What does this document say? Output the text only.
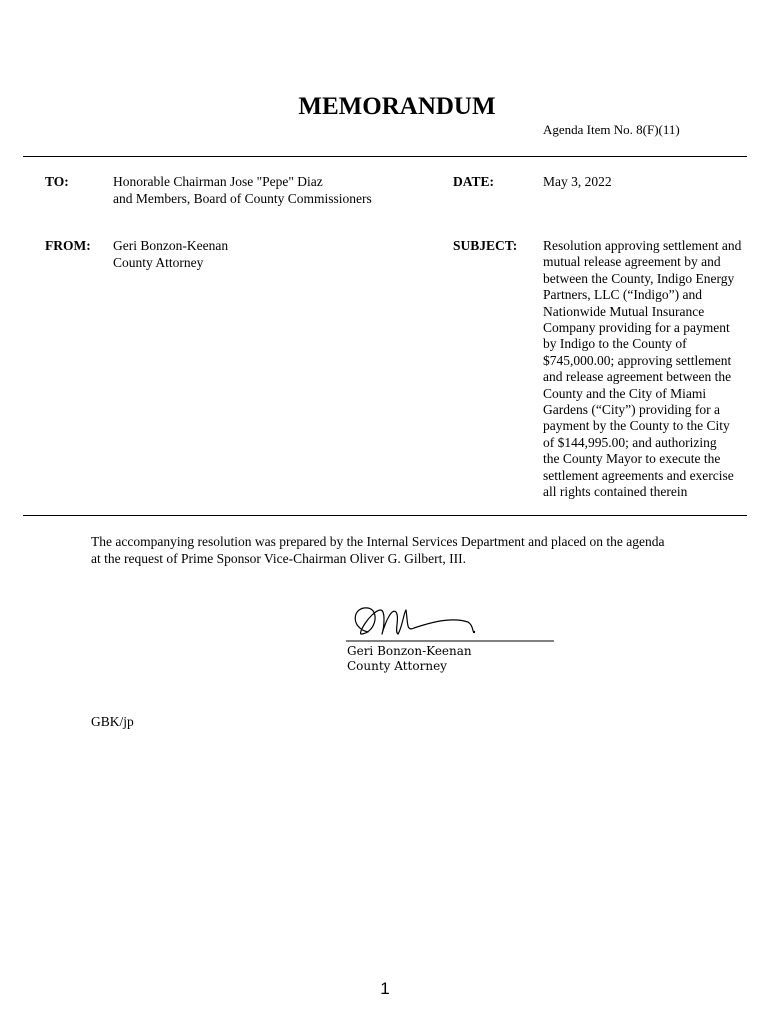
MEMORANDUM
Agenda Item No. 8(F)(11)
TO:	Honorable Chairman Jose "Pepe" Diaz
and Members, Board of County Commissioners
DATE:	May 3, 2022
FROM: Geri Bonzon-Keenan
County Attorney
SUBJECT: Resolution approving settlement and
mutual release agreement by and
between the County, Indigo Energy
Partners, LLC (“Indigo”) and
Nationwide Mutual Insurance
Company providing for a payment
by Indigo to the County of
$745,000.00; approving settlement
and release agreement between the
County and the City of Miami
Gardens (“City”) providing for a
payment by the County to the City
of $144,995.00; and authorizing
the County Mayor to execute the
settlement agreements and exercise
all rights contained therein
The accompanying resolution was prepared by the Internal Services Department and placed on the agenda
at the request of Prime Sponsor Vice-Chairman Oliver G. Gilbert, III.
Geri Bonzon-Keenan
County Attorney
GBK/jp
1
